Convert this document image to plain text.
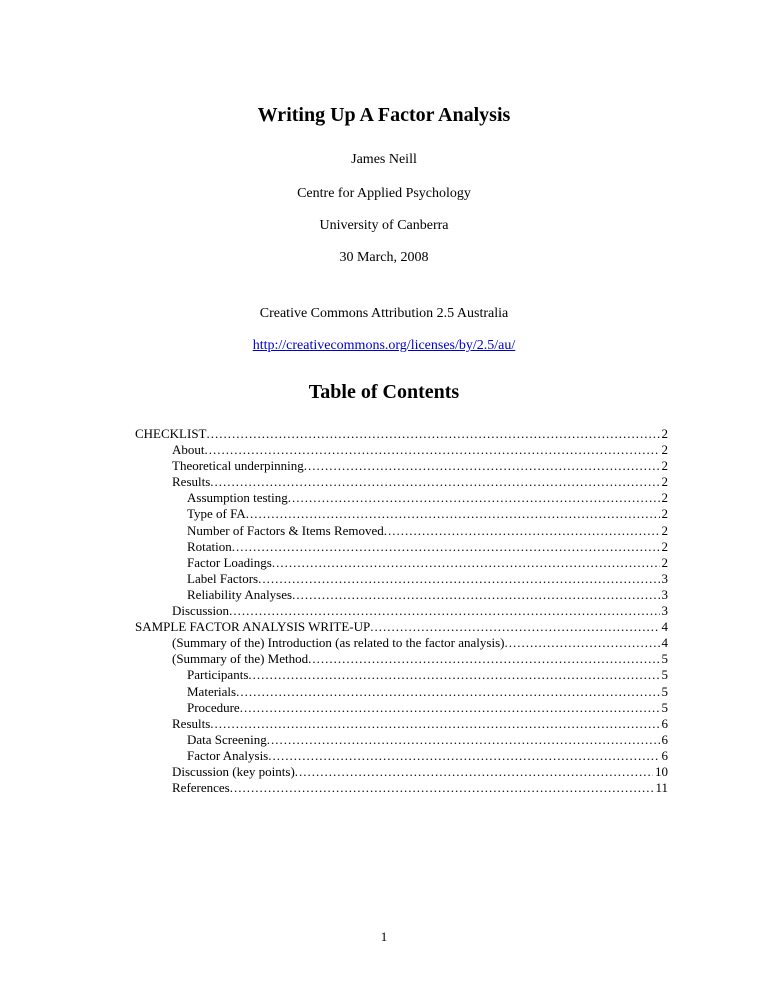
Writing Up A Factor Analysis
James Neill
Centre for Applied Psychology
University of Canberra
30 March, 2008
Creative Commons Attribution 2.5 Australia
http://creativecommons.org/licenses/by/2.5/au/
Table of Contents
CHECKLIST .....	2
About .....	2
Theoretical underpinning .....	2
Results .....	2
Assumption testing .....	2
Type of FA .....	2
Number of Factors & Items Removed .....	2
Rotation .....	2
Factor Loadings .....	2
Label Factors .....	3
Reliability Analyses .....	3
Discussion .....	3
SAMPLE FACTOR ANALYSIS WRITE-UP .....	4
(Summary of the) Introduction (as related to the factor analysis) .....	4
(Summary of the) Method .....	5
Participants .....	5
Materials .....	5
Procedure .....	5
Results .....	6
Data Screening .....	6
Factor Analysis .....	6
Discussion (key points) .....	10
References .....	11
1
